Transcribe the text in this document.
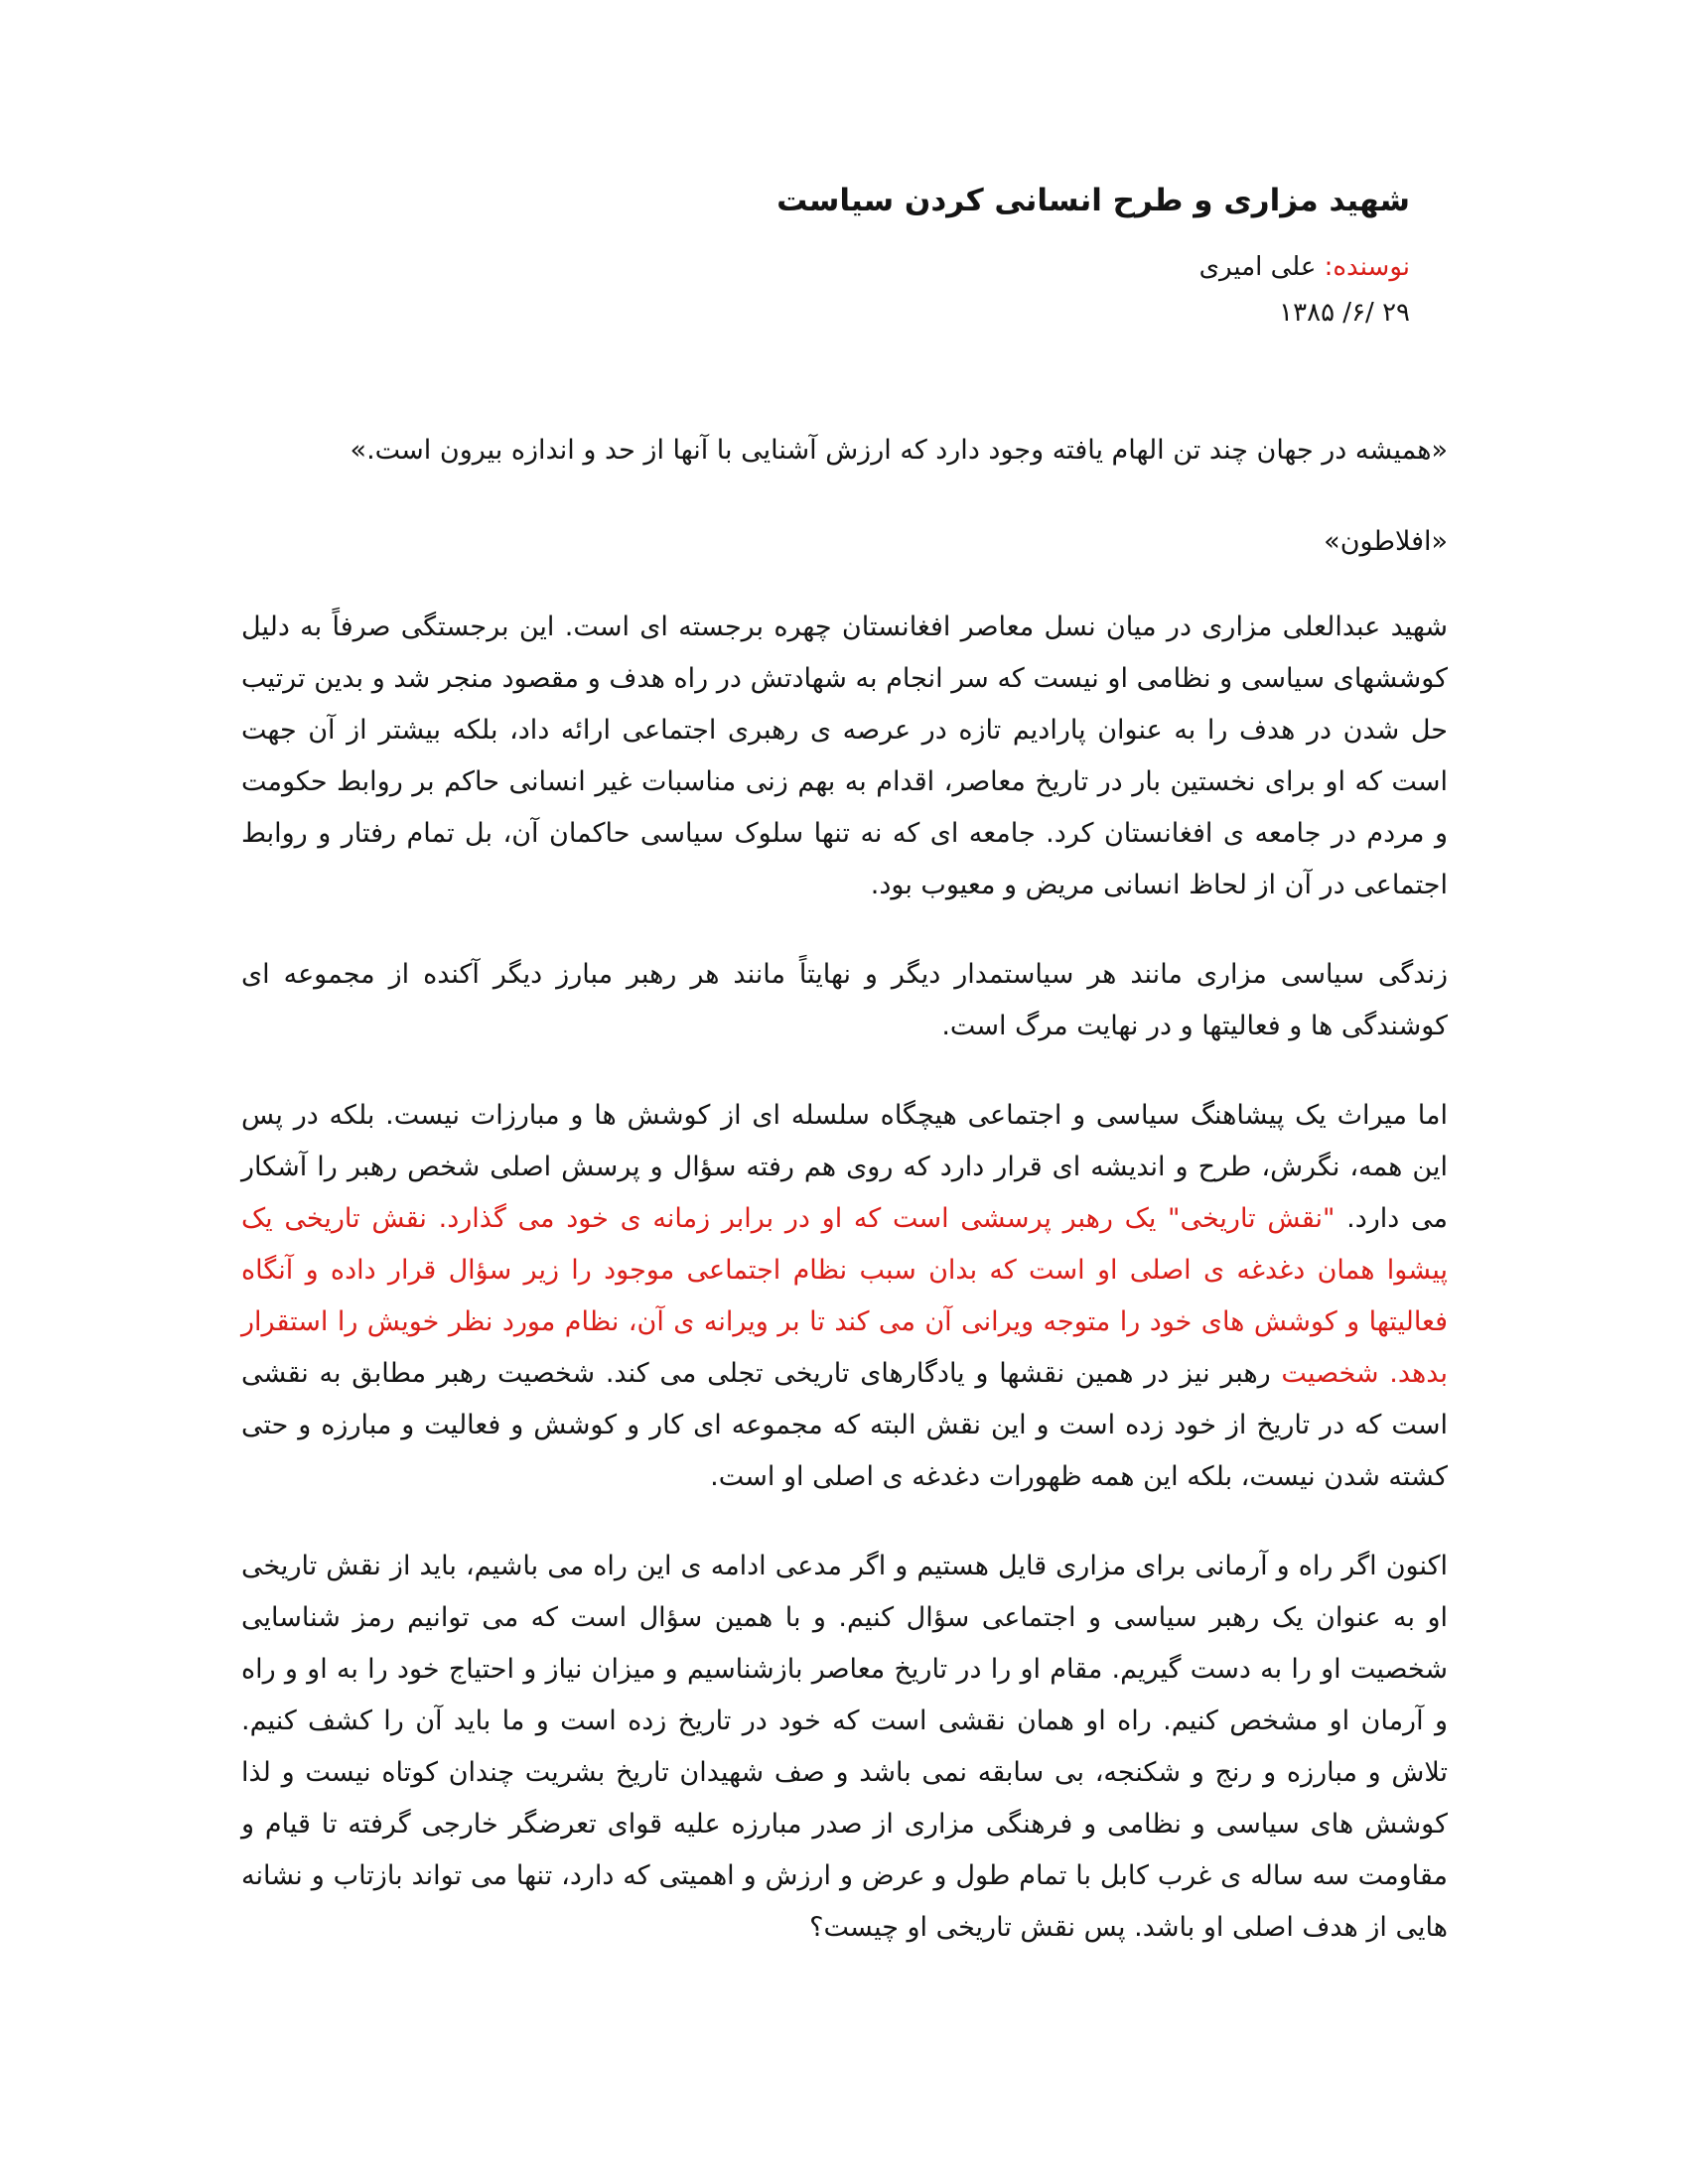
شهید مزاری و طرح انسانی کردن سیاست
نوسنده: علی امیری
۲۹ /۶/ ۱۳۸۵

«همیشه در جهان چند تن الهام یافته وجود دارد که ارزش آشنایی با آنها از حد و اندازه بیرون است.»

«افلاطون»

شهید عبدالعلی مزاری در میان نسل معاصر افغانستان چهره برجسته ای است. این برجستگی صرفاً به دلیل کوششهای سیاسی و نظامی او نیست که سر انجام به شهادتش در راه هدف و مقصود منجر شد و بدین ترتیب حل شدن در هدف را به عنوان پارادیم تازه در عرصه ی رهبری اجتماعی ارائه داد، بلکه بیشتر از آن جهت است که او برای نخستین بار در تاریخ معاصر، اقدام به بهم زنی مناسبات غیر انسانی حاکم بر روابط حکومت و مردم در جامعه ی افغانستان کرد. جامعه ای که نه تنها سلوک سیاسی حاکمان آن، بل تمام رفتار و روابط اجتماعی در آن از لحاظ انسانی مریض و معیوب بود.

زندگی سیاسی مزاری مانند هر سیاستمدار دیگر و نهایتاً مانند هر رهبر مبارز دیگر آکنده از مجموعه ای کوشندگی ها و فعالیتها و در نهایت مرگ است.

اما میراث یک پیشاهنگ سیاسی و اجتماعی هیچگاه سلسله ای از کوشش ها و مبارزات نیست. بلکه در پس این همه، نگرش، طرح و اندیشه ای قرار دارد که روی هم رفته سؤال و پرسش اصلی شخص رهبر را آشکار می دارد. "نقش تاریخی" یک رهبر پرسشی است که او در برابر زمانه ی خود می گذارد. نقش تاریخی یک پیشوا همان دغدغه ی اصلی او است که بدان سبب نظام اجتماعی موجود را زیر سؤال قرار داده و آنگاه فعالیتها و کوشش های خود را متوجه ویرانی آن می کند تا بر ویرانه ی آن، نظام مورد نظر خویش را استقرار بدهد. شخصیت رهبر نیز در همین نقشها و یادگارهای تاریخی تجلی می کند. شخصیت رهبر مطابق به نقشی است که در تاریخ از خود زده است و این نقش البته که مجموعه ای کار و کوشش و فعالیت و مبارزه و حتی کشته شدن نیست، بلکه این همه ظهورات دغدغه ی اصلی او است.

اکنون اگر راه و آرمانی برای مزاری قایل هستیم و اگر مدعی ادامه ی این راه می باشیم، باید از نقش تاریخی او به عنوان یک رهبر سیاسی و اجتماعی سؤال کنیم. و با همین سؤال است که می توانیم رمز شناسایی شخصیت او را به دست گیریم. مقام او را در تاریخ معاصر بازشناسیم و میزان نیاز و احتیاج خود را به او و راه و آرمان او مشخص کنیم. راه او همان نقشی است که خود در تاریخ زده است و ما باید آن را کشف کنیم. تلاش و مبارزه و رنج و شکنجه، بی سابقه نمی باشد و صف شهیدان تاریخ بشریت چندان کوتاه نیست و لذا کوشش های سیاسی و نظامی و فرهنگی مزاری از صدر مبارزه علیه قوای تعرضگر خارجی گرفته تا قیام و مقاومت سه ساله ی غرب کابل با تمام طول و عرض و ارزش و اهمیتی که دارد، تنها می تواند بازتاب و نشانه هایی از هدف اصلی او باشد. پس نقش تاریخی او چیست؟
